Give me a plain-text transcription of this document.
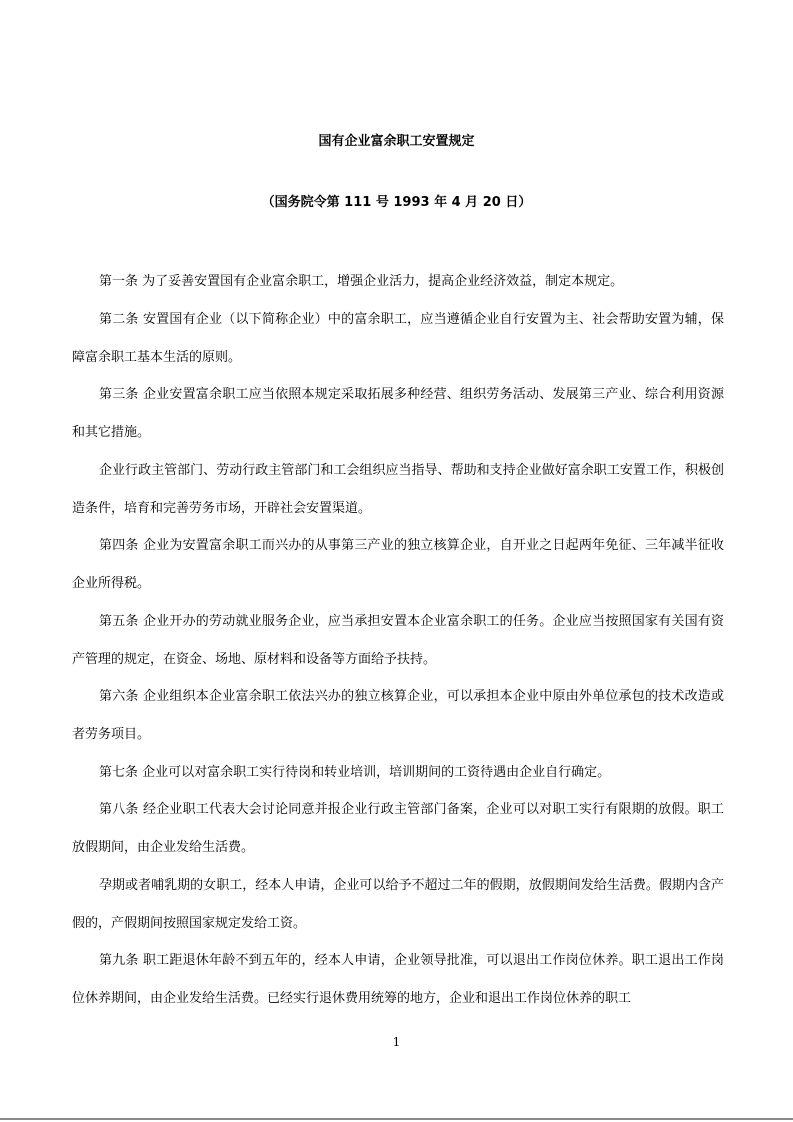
国有企业富余职工安置规定
（国务院令第 111 号 1993 年 4 月 20 日）

第一条 为了妥善安置国有企业富余职工，增强企业活力，提高企业经济效益，制定本规定。

第二条 安置国有企业（以下简称企业）中的富余职工，应当遵循企业自行安置为主、社会帮助安置为辅，保障富余职工基本生活的原则。

第三条 企业安置富余职工应当依照本规定采取拓展多种经营、组织劳务活动、发展第三产业、综合利用资源和其它措施。

企业行政主管部门、劳动行政主管部门和工会组织应当指导、帮助和支持企业做好富余职工安置工作，积极创造条件，培育和完善劳务市场，开辟社会安置渠道。

第四条 企业为安置富余职工而兴办的从事第三产业的独立核算企业，自开业之日起两年免征、三年减半征收企业所得税。

第五条 企业开办的劳动就业服务企业，应当承担安置本企业富余职工的任务。企业应当按照国家有关国有资产管理的规定，在资金、场地、原材料和设备等方面给予扶持。

第六条 企业组织本企业富余职工依法兴办的独立核算企业，可以承担本企业中原由外单位承包的技术改造或者劳务项目。

第七条 企业可以对富余职工实行待岗和转业培训，培训期间的工资待遇由企业自行确定。

第八条 经企业职工代表大会讨论同意并报企业行政主管部门备案，企业可以对职工实行有限期的放假。职工放假期间，由企业发给生活费。

孕期或者哺乳期的女职工，经本人申请，企业可以给予不超过二年的假期，放假期间发给生活费。假期内含产假的，产假期间按照国家规定发给工资。

第九条 职工距退休年龄不到五年的，经本人申请，企业领导批准，可以退出工作岗位休养。职工退出工作岗位休养期间，由企业发给生活费。已经实行退休费用统筹的地方，企业和退出工作岗位休养的职工

1
